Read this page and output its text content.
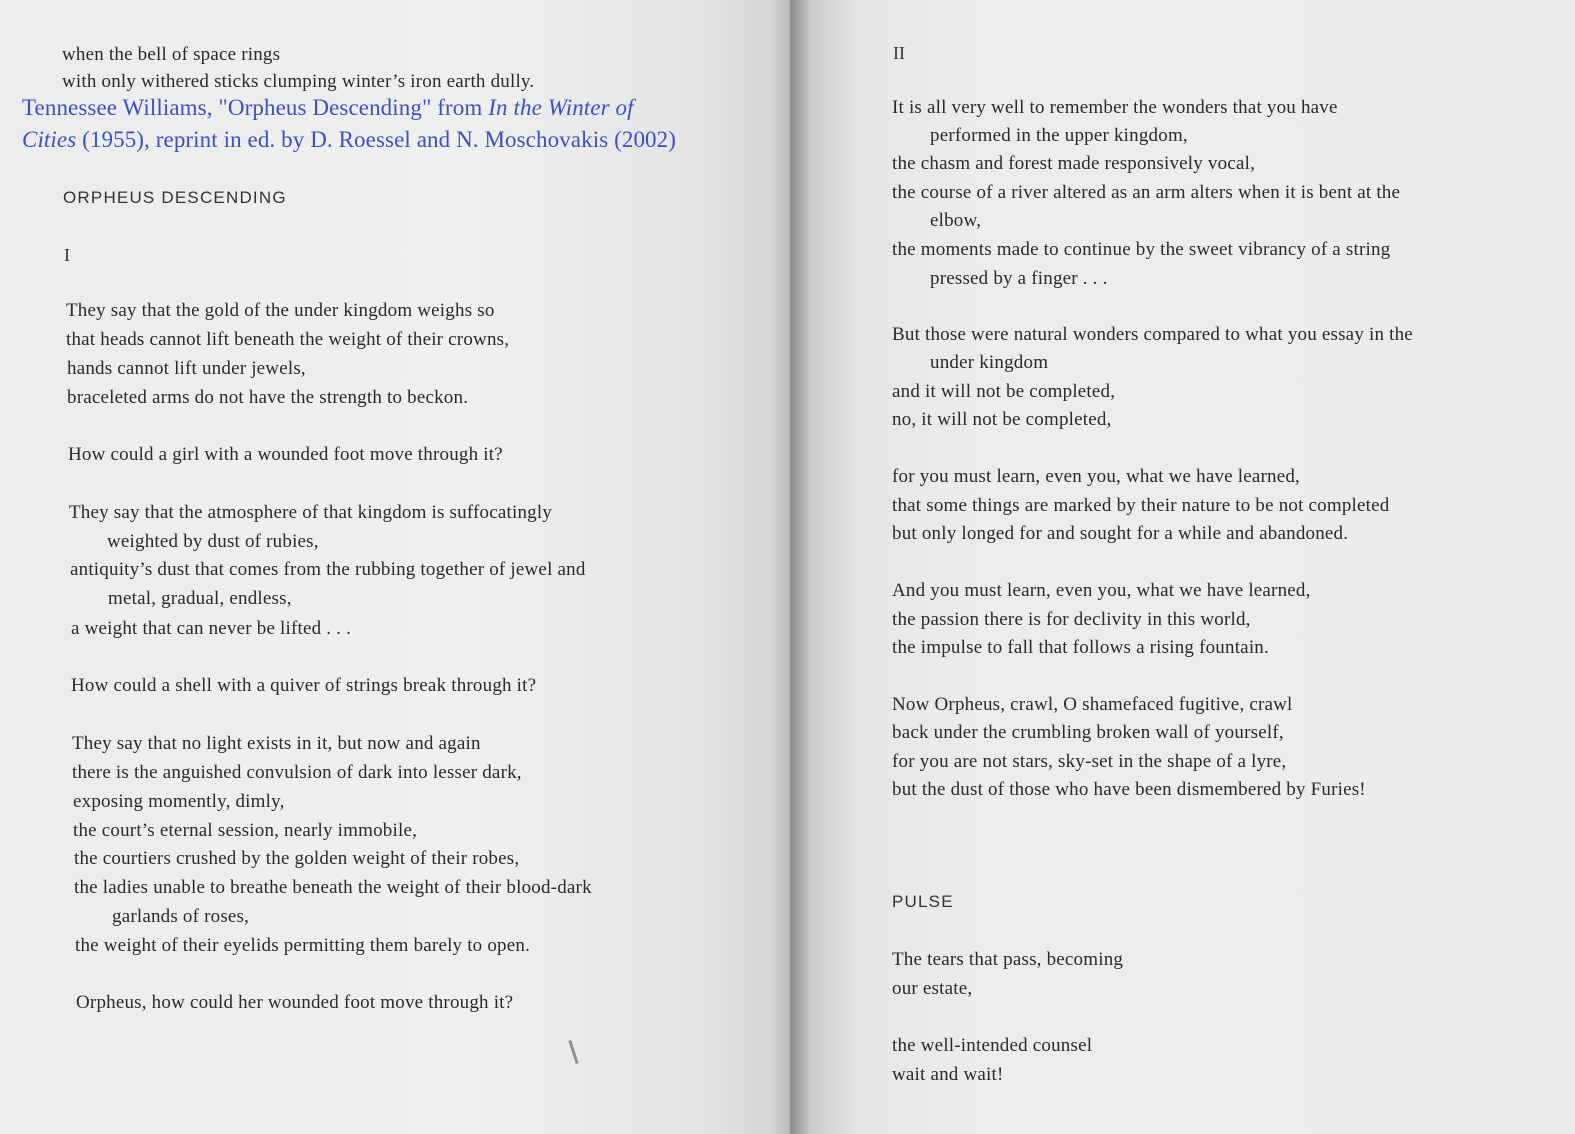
when the bell of space rings
with only withered sticks clumping winter’s iron earth dully.
Tennessee Williams, "Orpheus Descending" from In the Winter of
Cities (1955), reprint in ed. by D. Roessel and N. Moschovakis (2002)
ORPHEUS DESCENDING
I
They say that the gold of the under kingdom weighs so
that heads cannot lift beneath the weight of their crowns,
hands cannot lift under jewels,
braceleted arms do not have the strength to beckon.
How could a girl with a wounded foot move through it?
They say that the atmosphere of that kingdom is suffocatingly
weighted by dust of rubies,
antiquity’s dust that comes from the rubbing together of jewel and
metal, gradual, endless,
a weight that can never be lifted . . .
How could a shell with a quiver of strings break through it?
They say that no light exists in it, but now and again
there is the anguished convulsion of dark into lesser dark,
exposing momently, dimly,
the court’s eternal session, nearly immobile,
the courtiers crushed by the golden weight of their robes,
the ladies unable to breathe beneath the weight of their blood-dark
garlands of roses,
the weight of their eyelids permitting them barely to open.
Orpheus, how could her wounded foot move through it?
II
It is all very well to remember the wonders that you have
performed in the upper kingdom,
the chasm and forest made responsively vocal,
the course of a river altered as an arm alters when it is bent at the
elbow,
the moments made to continue by the sweet vibrancy of a string
pressed by a finger . . .
But those were natural wonders compared to what you essay in the
under kingdom
and it will not be completed,
no, it will not be completed,
for you must learn, even you, what we have learned,
that some things are marked by their nature to be not completed
but only longed for and sought for a while and abandoned.
And you must learn, even you, what we have learned,
the passion there is for declivity in this world,
the impulse to fall that follows a rising fountain.
Now Orpheus, crawl, O shamefaced fugitive, crawl
back under the crumbling broken wall of yourself,
for you are not stars, sky-set in the shape of a lyre,
but the dust of those who have been dismembered by Furies!
PULSE
The tears that pass, becoming
our estate,
the well-intended counsel
wait and wait!
